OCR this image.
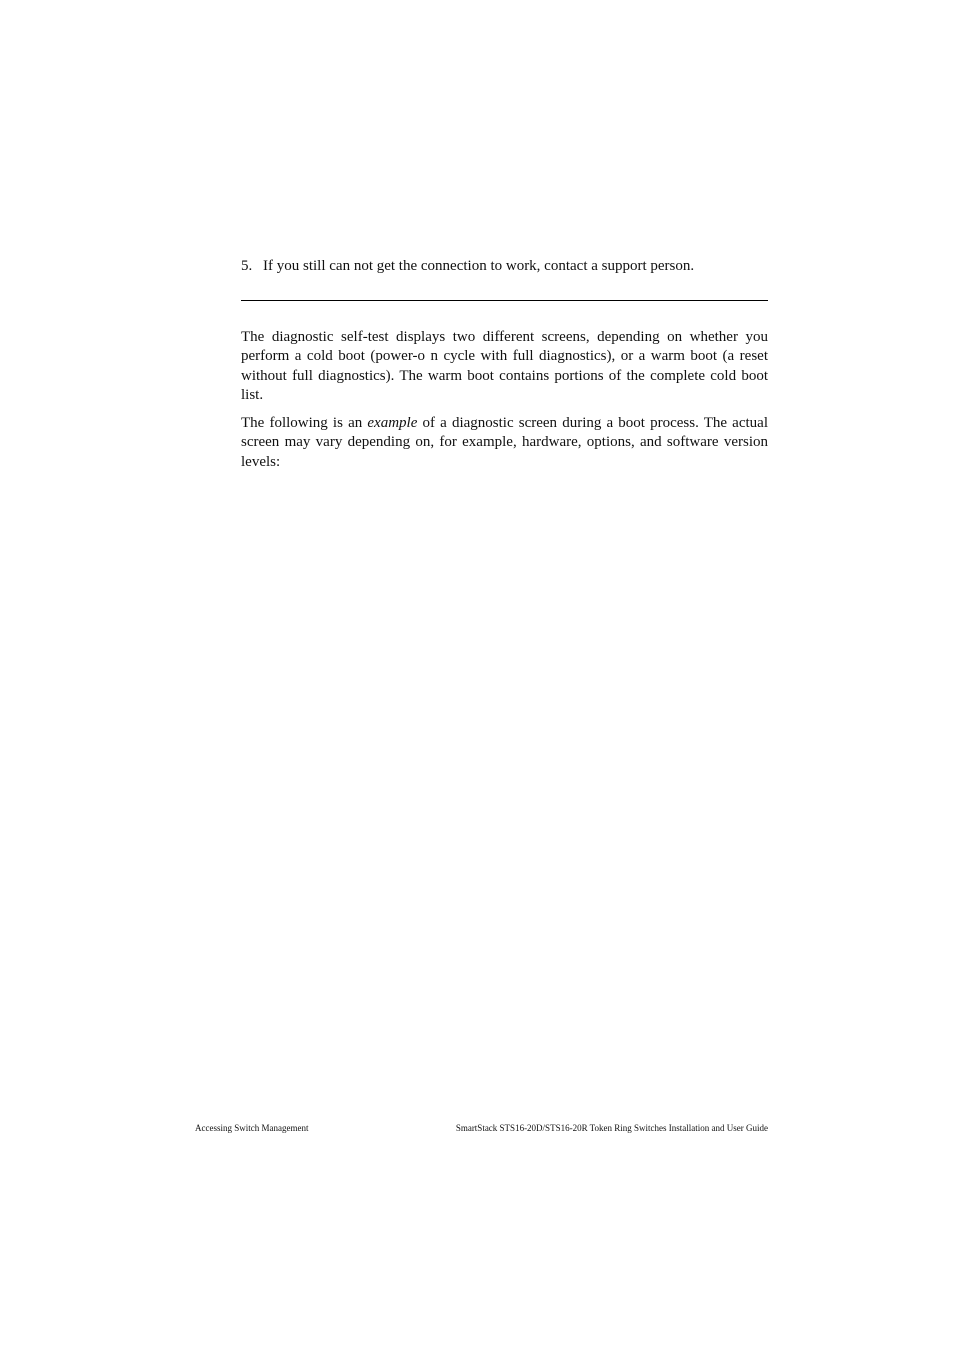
5. If you still can not get the connection to work, contact a support person.

The diagnostic self-test displays two different screens, depending on whether you perform a cold boot (power-o n cycle with full diagnostics), or a warm boot (a reset without full diagnostics). The warm boot contains portions of the complete cold boot list.

The following is an example of a diagnostic screen during a boot process. The actual screen may vary depending on, for example, hardware, options, and software version levels:

Accessing Switch Management	SmartStack STS16-20D/STS16-20R Token Ring Switches Installation and User Guide
